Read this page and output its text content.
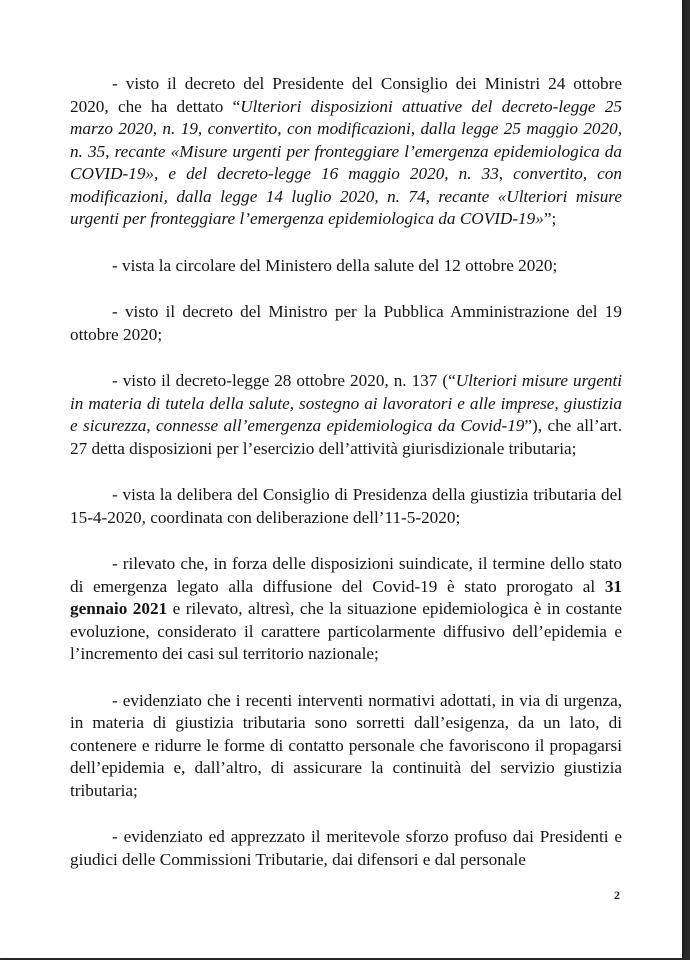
- visto il decreto del Presidente del Consiglio dei Ministri 24 ottobre 2020, che ha dettato “Ulteriori disposizioni attuative del decreto-legge 25 marzo 2020, n. 19, convertito, con modificazioni, dalla legge 25 maggio 2020, n. 35, recante «Misure urgenti per fronteggiare l’emergenza epidemiologica da COVID-19», e del decreto-legge 16 maggio 2020, n. 33, convertito, con modificazioni, dalla legge 14 luglio 2020, n. 74, recante «Ulteriori misure urgenti per fronteggiare l’emergenza epidemiologica da COVID-19»”;

- vista la circolare del Ministero della salute del 12 ottobre 2020;

- visto il decreto del Ministro per la Pubblica Amministrazione del 19 ottobre 2020;

- visto il decreto-legge 28 ottobre 2020, n. 137 (“Ulteriori misure urgenti in materia di tutela della salute, sostegno ai lavoratori e alle imprese, giustizia e sicurezza, connesse all’emergenza epidemiologica da Covid-19”), che all’art. 27 detta disposizioni per l’esercizio dell’attività giurisdizionale tributaria;

- vista la delibera del Consiglio di Presidenza della giustizia tributaria del 15-4-2020, coordinata con deliberazione dell’11-5-2020;

- rilevato che, in forza delle disposizioni suindicate, il termine dello stato di emergenza legato alla diffusione del Covid-19 è stato prorogato al 31 gennaio 2021 e rilevato, altresì, che la situazione epidemiologica è in costante evoluzione, considerato il carattere particolarmente diffusivo dell’epidemia e l’incremento dei casi sul territorio nazionale;

- evidenziato che i recenti interventi normativi adottati, in via di urgenza, in materia di giustizia tributaria sono sorretti dall’esigenza, da un lato, di contenere e ridurre le forme di contatto personale che favoriscono il propagarsi dell’epidemia e, dall’altro, di assicurare la continuità del servizio giustizia tributaria;

- evidenziato ed apprezzato il meritevole sforzo profuso dai Presidenti e giudici delle Commissioni Tributarie, dai difensori e dal personale

2
